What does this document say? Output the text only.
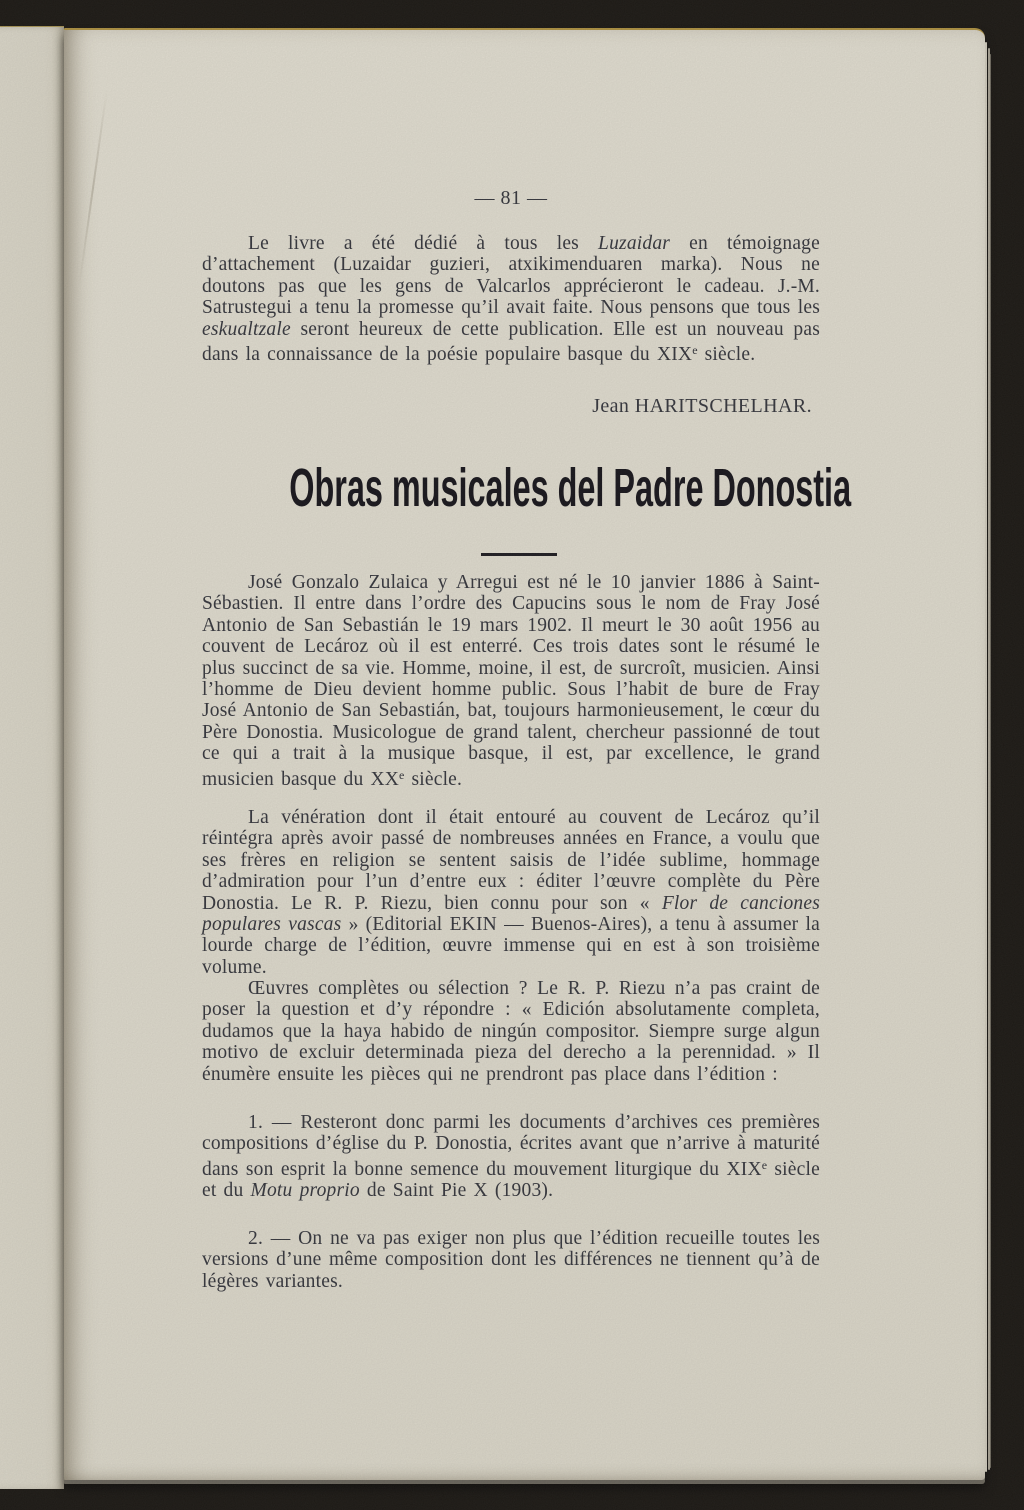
— 81 —

Le livre a été dédié à tous les Luzaidar en témoignage d’attachement (Luzaidar guzieri, atxikimenduaren marka). Nous ne doutons pas que les gens de Valcarlos apprécieront le cadeau. J.-M. Satrustegui a tenu la promesse qu’il avait faite. Nous pensons que tous les eskualtzale seront heureux de cette publication. Elle est un nouveau pas dans la connaissance de la poésie populaire basque du XIXe siècle.

Jean HARITSCHELHAR.
Obras musicales del Padre Donostia

José Gonzalo Zulaica y Arregui est né le 10 janvier 1886 à Saint-Sébastien. Il entre dans l’ordre des Capucins sous le nom de Fray José Antonio de San Sebastián le 19 mars 1902. Il meurt le 30 août 1956 au couvent de Lecároz où il est enterré. Ces trois dates sont le résumé le plus succinct de sa vie. Homme, moine, il est, de surcroît, musicien. Ainsi l’homme de Dieu devient homme public. Sous l’habit de bure de Fray José Antonio de San Sebastián, bat, toujours harmonieusement, le cœur du Père Donostia. Musicologue de grand talent, chercheur passionné de tout ce qui a trait à la musique basque, il est, par excellence, le grand musicien basque du XXe siècle.

La vénération dont il était entouré au couvent de Lecároz qu’il réintégra après avoir passé de nombreuses années en France, a voulu que ses frères en religion se sentent saisis de l’idée sublime, hommage d’admiration pour l’un d’entre eux : éditer l’œuvre complète du Père Donostia. Le R. P. Riezu, bien connu pour son « Flor de canciones populares vascas » (Editorial EKIN — Buenos-Aires), a tenu à assumer la lourde charge de l’édition, œuvre immense qui en est à son troisième volume.

Œuvres complètes ou sélection ? Le R. P. Riezu n’a pas craint de poser la question et d’y répondre : « Edición absolutamente completa, dudamos que la haya habido de ningún compositor. Siempre surge algun motivo de excluir determinada pieza del derecho a la perennidad. » Il énumère ensuite les pièces qui ne prendront pas place dans l’édition :

1. — Resteront donc parmi les documents d’archives ces premières compositions d’église du P. Donostia, écrites avant que n’arrive à maturité dans son esprit la bonne semence du mouvement liturgique du XIXe siècle et du Motu proprio de Saint Pie X (1903).

2. — On ne va pas exiger non plus que l’édition recueille toutes les versions d’une même composition dont les différences ne tiennent qu’à de légères variantes.
